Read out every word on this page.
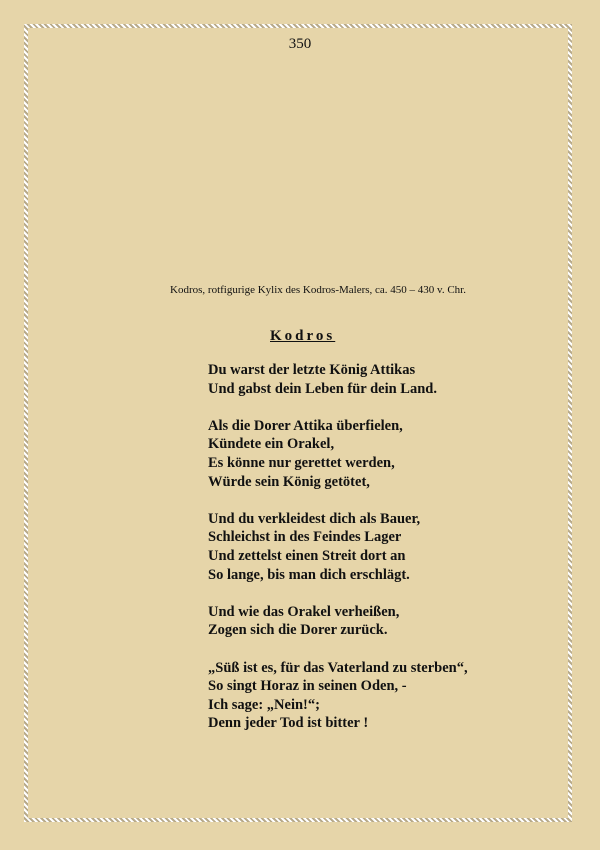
350
Kodros, rotfigurige Kylix des Kodros-Malers, ca. 450 – 430 v. Chr.
Kodros
Du warst der letzte König Attikas
Und gabst dein Leben für dein Land.
Als die Dorer Attika überfielen,
Kündete ein Orakel,
Es könne nur gerettet werden,
Würde sein König getötet,
Und du verkleidest dich als Bauer,
Schleichst in des Feindes Lager
Und zettelst einen Streit dort an
So lange, bis man dich erschlägt.
Und wie das Orakel verheißen,
Zogen sich die Dorer zurück.
„Süß ist es, für das Vaterland zu sterben“,
So singt Horaz in seinen Oden, -
Ich sage: „Nein!“;
Denn jeder Tod ist bitter !
